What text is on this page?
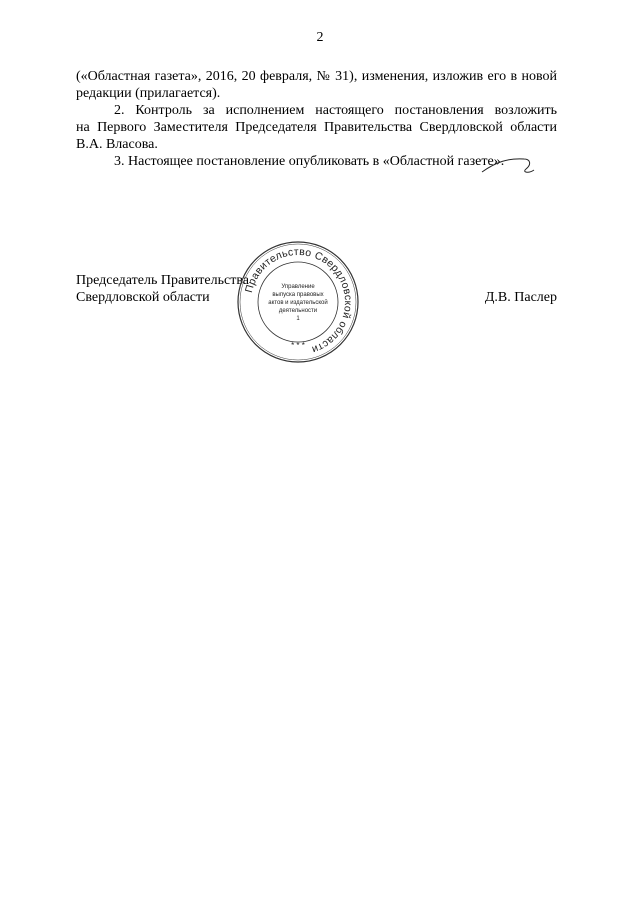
2

(«Областная газета», 2016, 20 февраля, № 31), изменения, изложив его в новой
редакции (прилагается).

2. Контроль за исполнением настоящего постановления возложить

на Первого Заместителя Председателя Правительства Свердловской области
В.А. Власова.

3. Настоящее постановление опубликовать в «Областной газете».

Председатель Правительства
Свердловской области	Д.В. Паслер
Правительство Свердловской области
Управление
выпуска правовых
актов и издательской
деятельности
1
* * *
